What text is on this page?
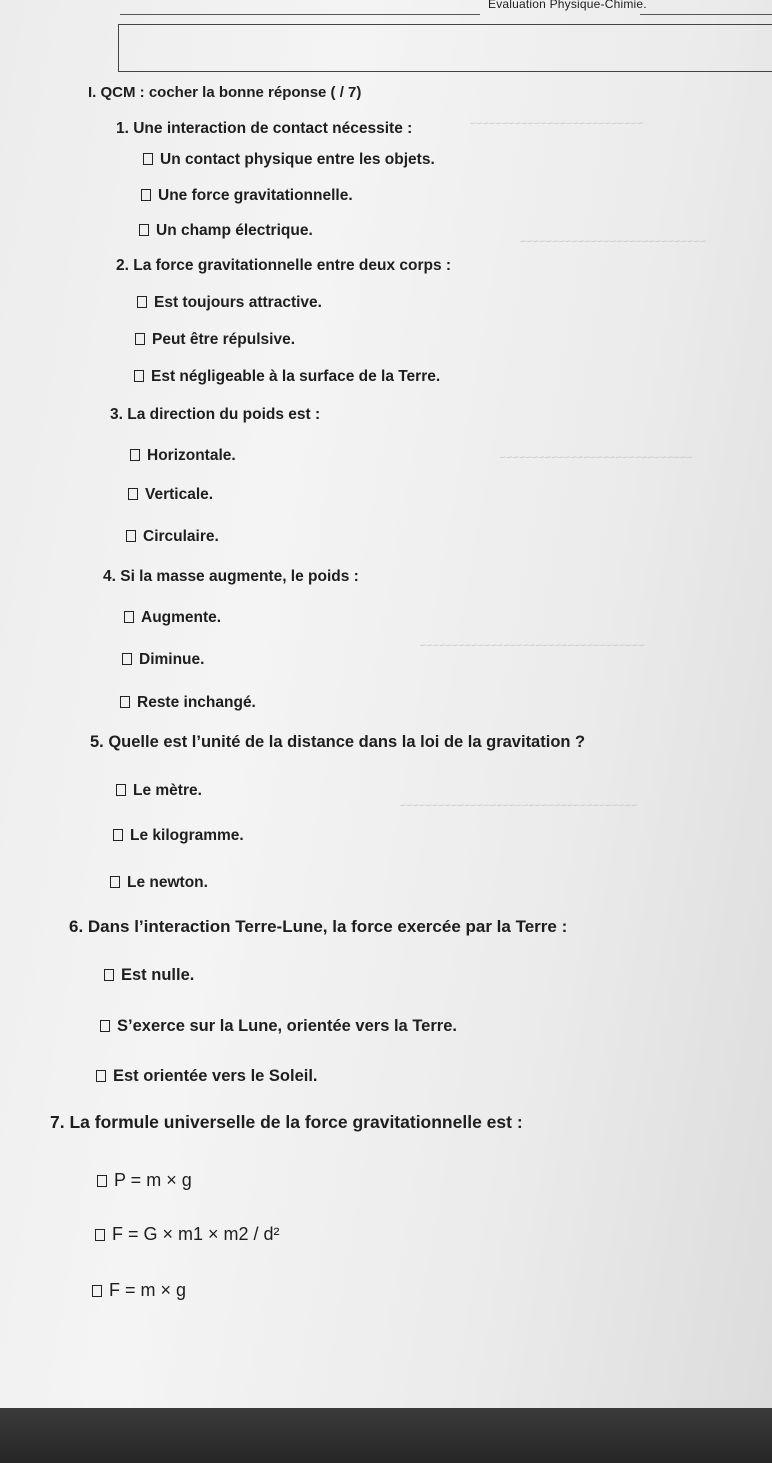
Evaluation Physique-Chimie.
~~~~~~~~~~~~~~~~~~~~~~~~~~~
~~~~~~~~~~~~~~~~~~~~~~~~~~~~~
~~~~~~~~~~~~~~~~~~~~~~~~~~~~~~
~~~~~~~~~~~~~~~~~~~~~~~~~~~~~~~~~~~
~~~~~~~~~~~~~~~~~~~~~~~~~~~~~~~~~~~~~
I. QCM : cocher la bonne réponse ( / 7)
1. Une interaction de contact nécessite :
Un contact physique entre les objets.
Une force gravitationnelle.
Un champ électrique.
2. La force gravitationnelle entre deux corps :
Est toujours attractive.
Peut être répulsive.
Est négligeable à la surface de la Terre.
3. La direction du poids est :
Horizontale.
Verticale.
Circulaire.
4. Si la masse augmente, le poids :
Augmente.
Diminue.
Reste inchangé.
5. Quelle est l’unité de la distance dans la loi de la gravitation ?
Le mètre.
Le kilogramme.
Le newton.
6. Dans l’interaction Terre-Lune, la force exercée par la Terre :
Est nulle.
S’exerce sur la Lune, orientée vers la Terre.
Est orientée vers le Soleil.
7. La formule universelle de la force gravitationnelle est :
P = m × g
F = G × m1 × m2 / d²
F = m × g
